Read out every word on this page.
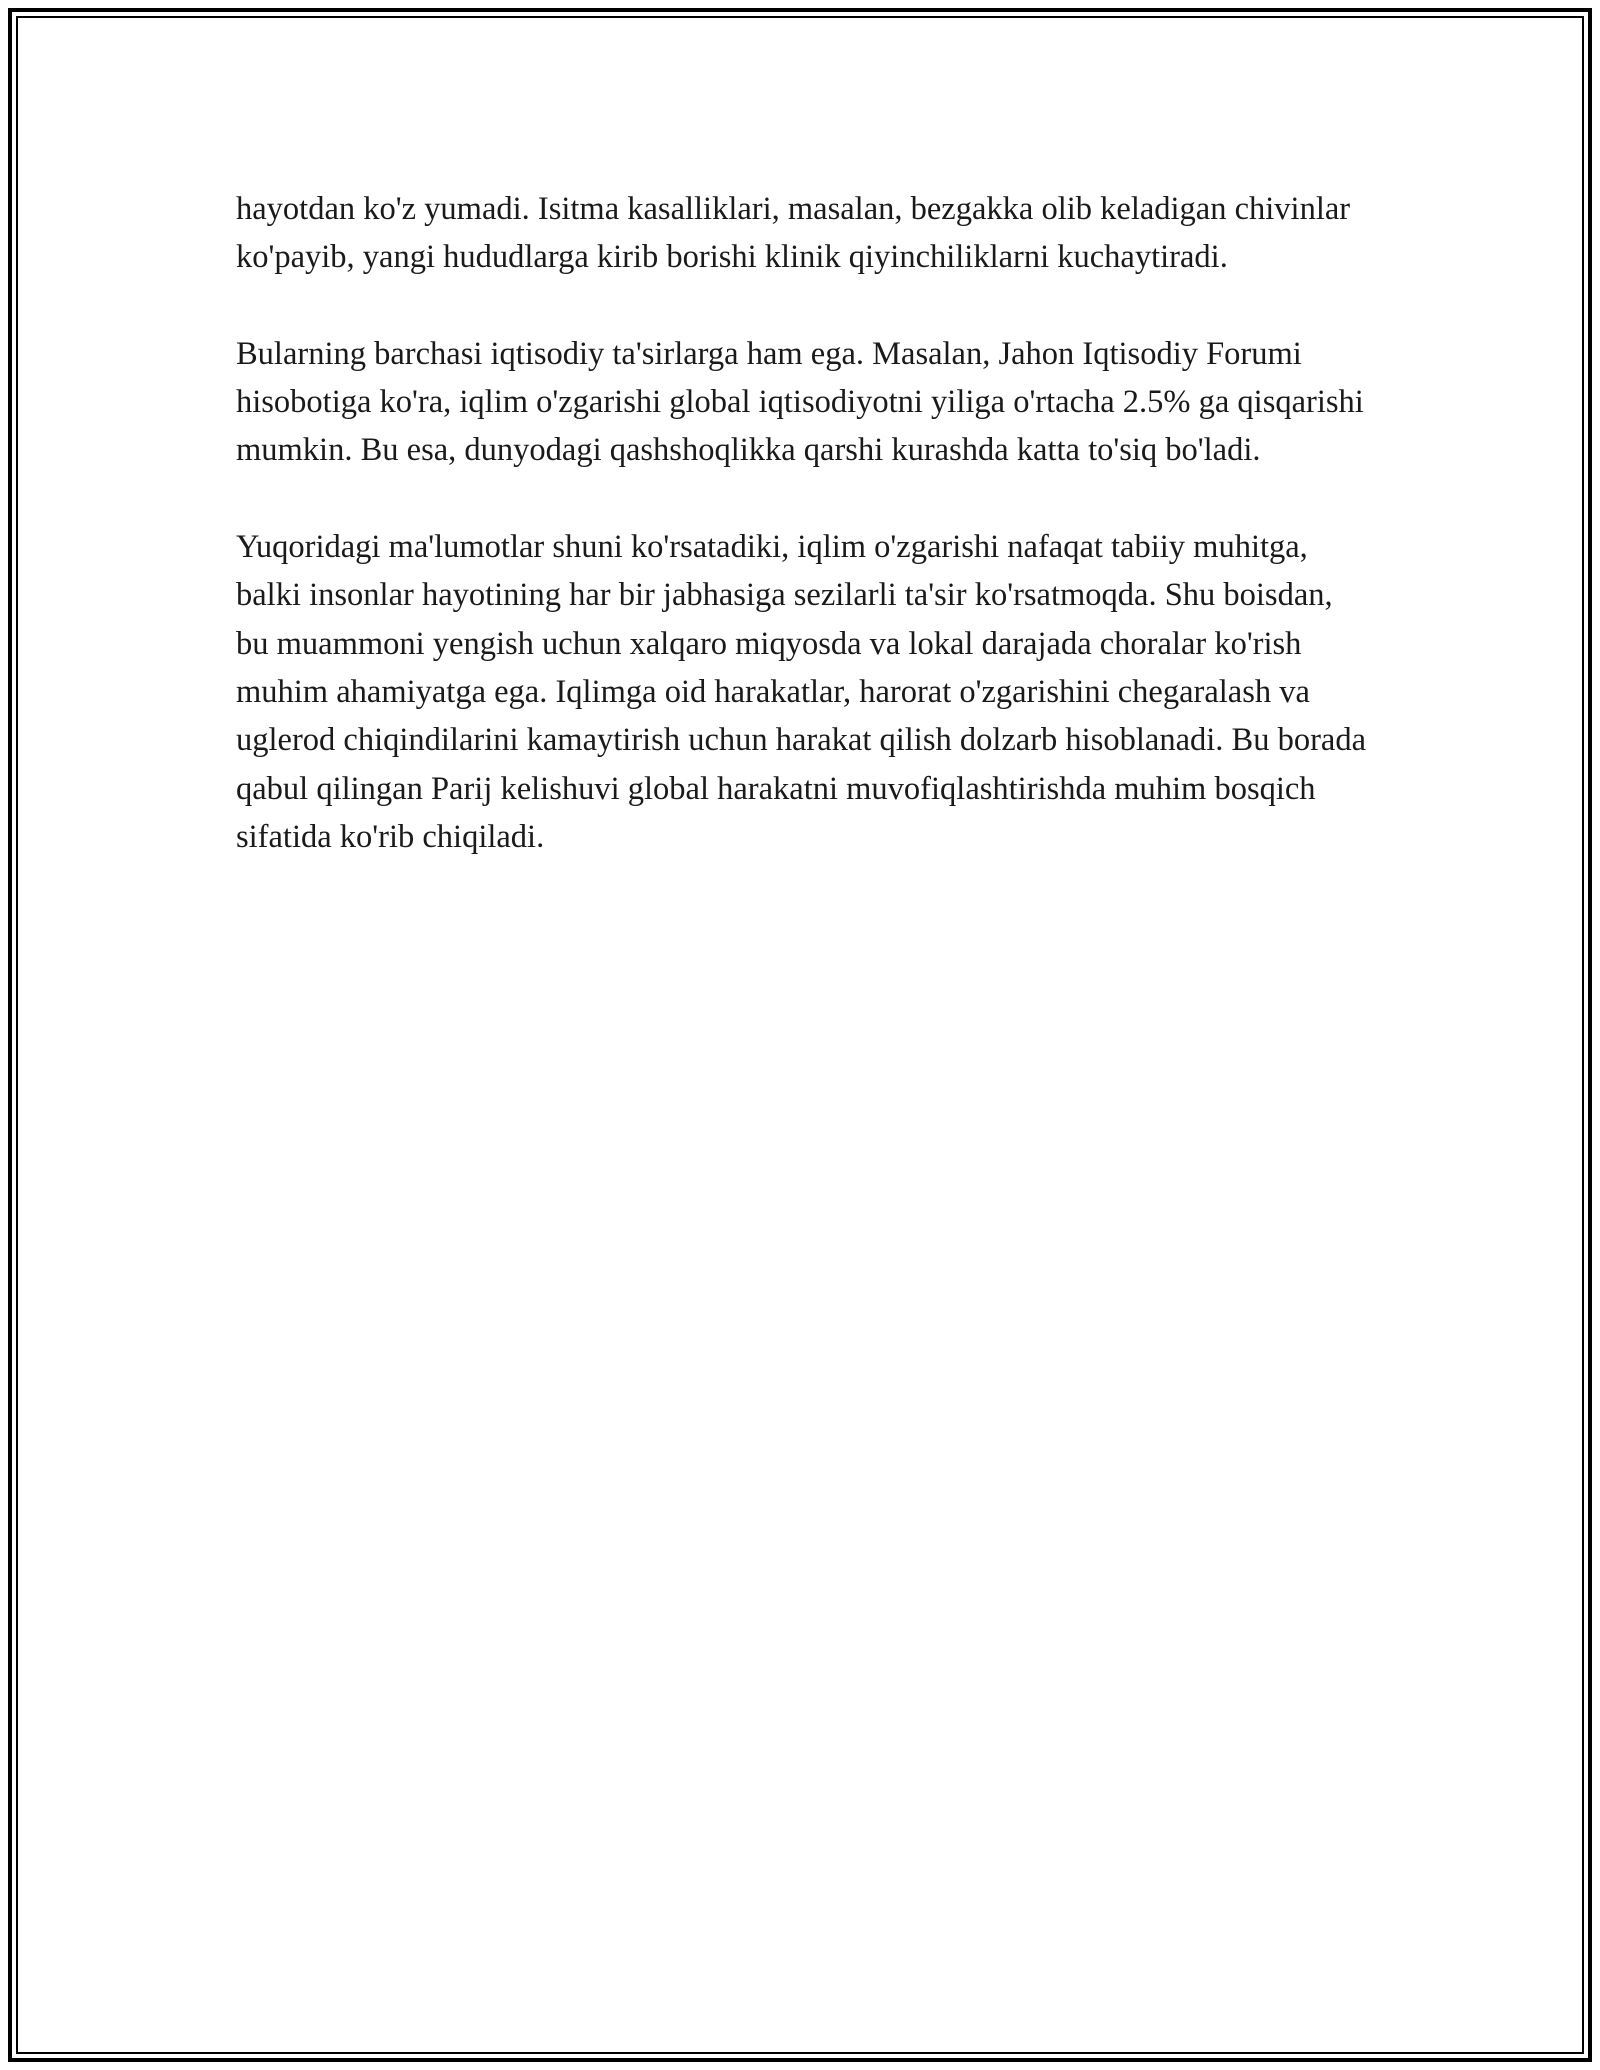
hayotdan ko'z yumadi. Isitma kasalliklari, masalan, bezgakka olib keladigan chivinlar ko'payib, yangi hududlarga kirib borishi klinik qiyinchiliklarni kuchaytiradi.

Bularning barchasi iqtisodiy ta'sirlarga ham ega. Masalan, Jahon Iqtisodiy Forumi hisobotiga ko'ra, iqlim o'zgarishi global iqtisodiyotni yiliga o'rtacha 2.5% ga qisqarishi mumkin. Bu esa, dunyodagi qashshoqlikka qarshi kurashda katta to'siq bo'ladi.

Yuqoridagi ma'lumotlar shuni ko'rsatadiki, iqlim o'zgarishi nafaqat tabiiy muhitga, balki insonlar hayotining har bir jabhasiga sezilarli ta'sir ko'rsatmoqda. Shu boisdan, bu muammoni yengish uchun xalqaro miqyosda va lokal darajada choralar ko'rish muhim ahamiyatga ega. Iqlimga oid harakatlar, harorat o'zgarishini chegaralash va uglerod chiqindilarini kamaytirish uchun harakat qilish dolzarb hisoblanadi. Bu borada qabul qilingan Parij kelishuvi global harakatni muvofiqlashtirishda muhim bosqich sifatida ko'rib chiqiladi.
